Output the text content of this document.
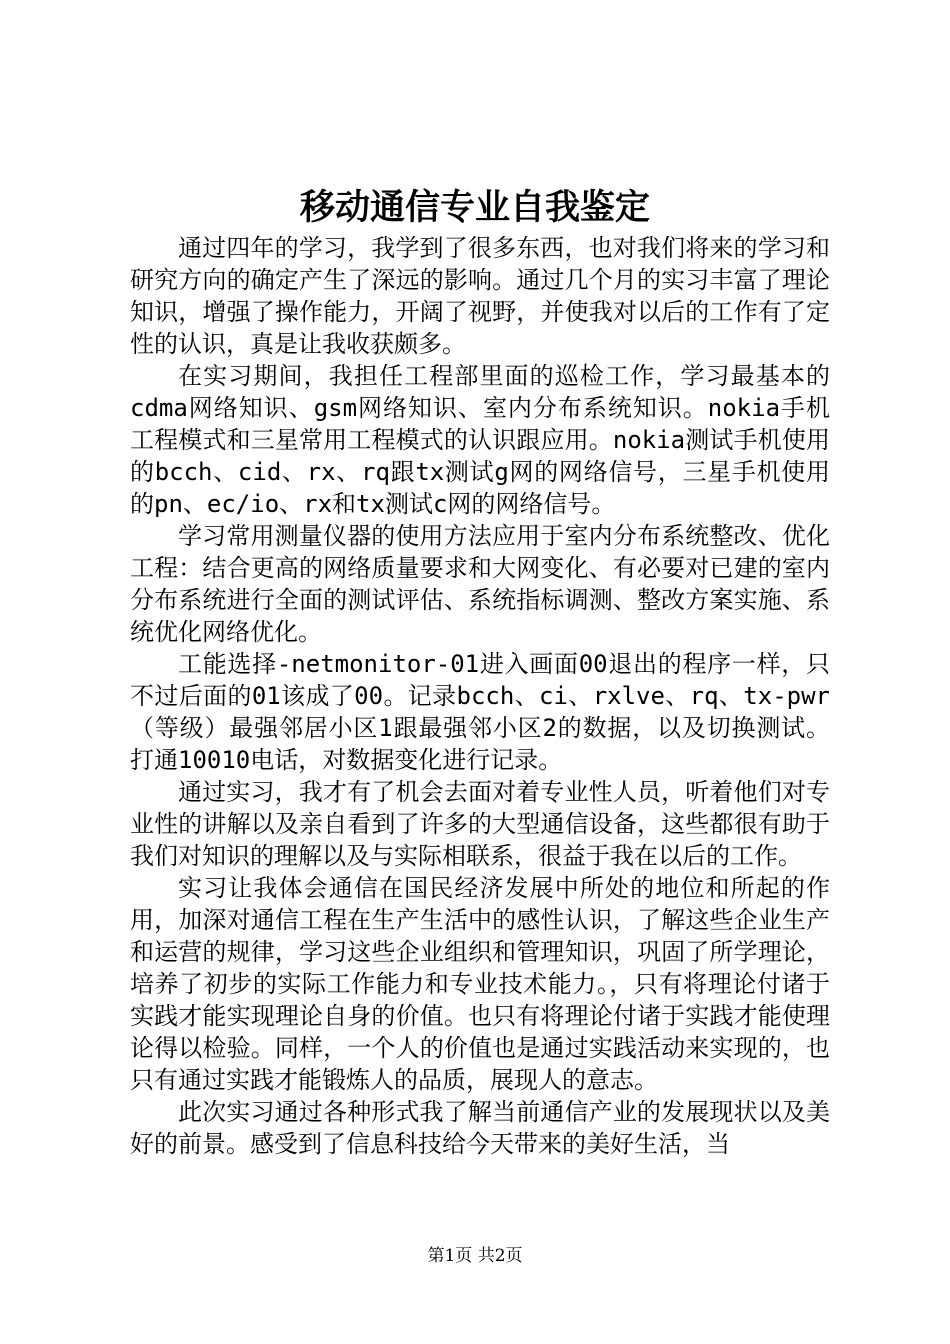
移动通信专业自我鉴定

通过四年的学习，我学到了很多东西，也对我们将来的学习和研究方向的确定产生了深远的影响。通过几个月的实习丰富了理论知识，增强了操作能力，开阔了视野，并使我对以后的工作有了定性的认识，真是让我收获颇多。

在实习期间，我担任工程部里面的巡检工作，学习最基本的cdma网络知识、gsm网络知识、室内分布系统知识。nokia手机工程模式和三星常用工程模式的认识跟应用。nokia测试手机使用的bcch、cid、rx、rq跟tx测试g网的网络信号，三星手机使用的pn、ec/io、rx和tx测试c网的网络信号。

学习常用测量仪器的使用方法应用于室内分布系统整改、优化工程：结合更高的网络质量要求和大网变化、有必要对已建的室内分布系统进行全面的测试评估、系统指标调测、整改方案实施、系统优化网络优化。

工能选择-netmonitor-01进入画面00退出的程序一样，只不过后面的01该成了00。记录bcch、ci、rxlve、rq、tx-pwr（等级）最强邻居小区1跟最强邻小区2的数据，以及切换测试。打通10010电话，对数据变化进行记录。

通过实习，我才有了机会去面对着专业性人员，听着他们对专业性的讲解以及亲自看到了许多的大型通信设备，这些都很有助于我们对知识的理解以及与实际相联系，很益于我在以后的工作。

实习让我体会通信在国民经济发展中所处的地位和所起的作用，加深对通信工程在生产生活中的感性认识，了解这些企业生产和运营的规律，学习这些企业组织和管理知识，巩固了所学理论，培养了初步的实际工作能力和专业技术能力。，只有将理论付诸于实践才能实现理论自身的价值。也只有将理论付诸于实践才能使理论得以检验。同样，一个人的价值也是通过实践活动来实现的，也只有通过实践才能锻炼人的品质，展现人的意志。

此次实习通过各种形式我了解当前通信产业的发展现状以及美好的前景。感受到了信息科技给今天带来的美好生活，当

第1页 共2页
